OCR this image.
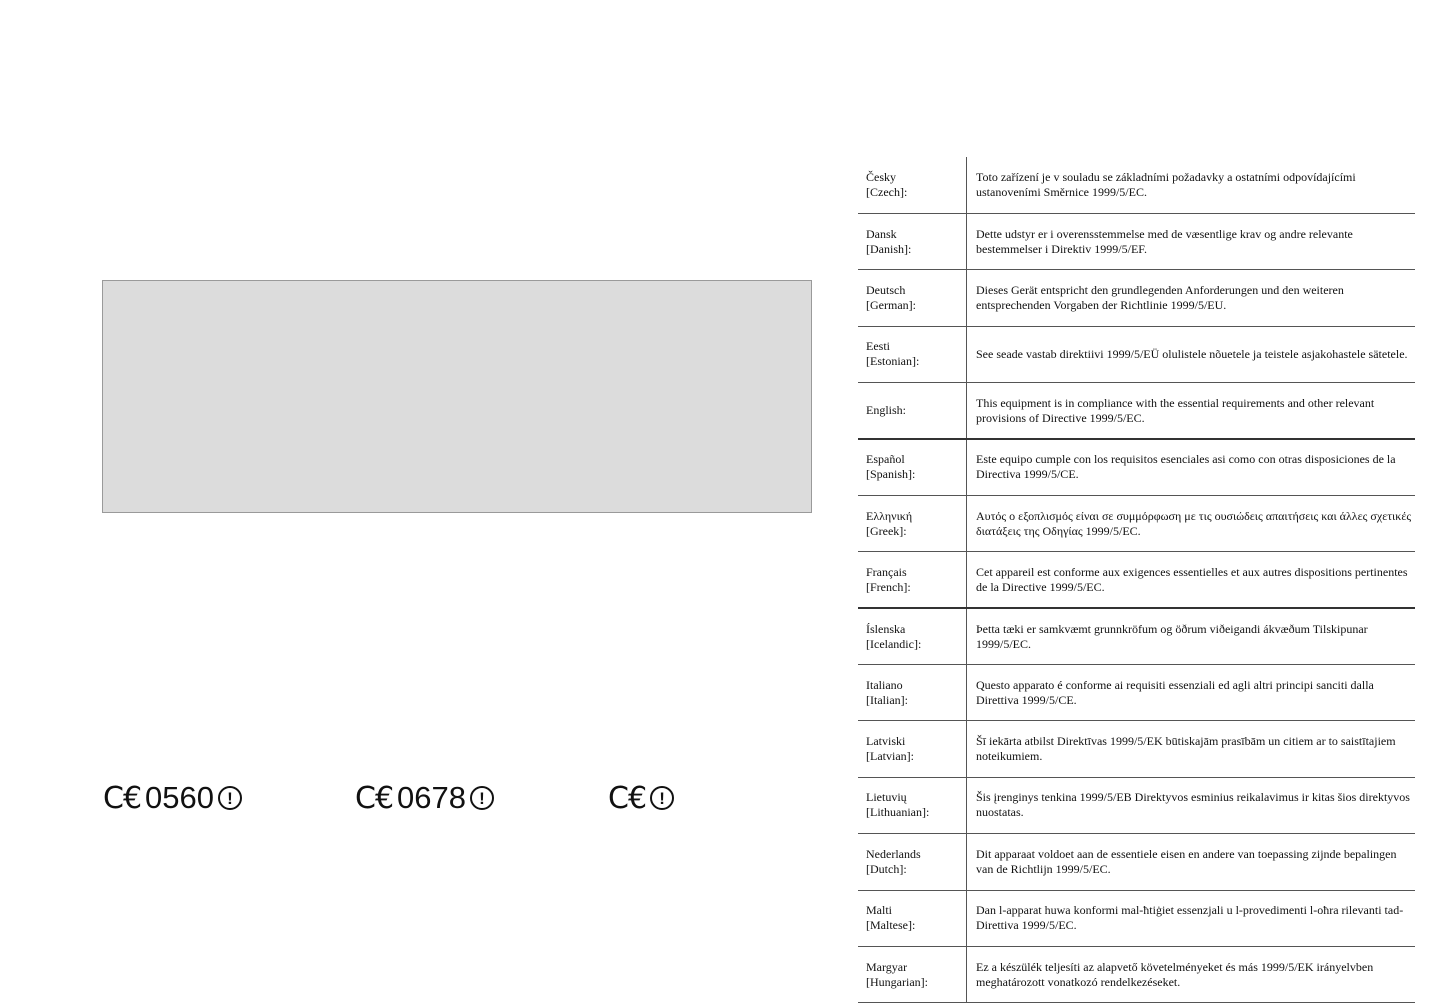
C€ 0560 !	C€ 0678 !	C€ !
Česky
[Czech]:	Toto zařízení je v souladu se základními požadavky a ostatními odpovídajícími ustanoveními Směrnice 1999/5/EC.

Dansk
[Danish]:	Dette udstyr er i overensstemmelse med de væsentlige krav og andre relevante bestemmelser i Direktiv 1999/5/EF.

Deutsch
[German]:	Dieses Gerät entspricht den grundlegenden Anforderungen und den weiteren entsprechenden Vorgaben der Richtlinie 1999/5/EU.

Eesti
[Estonian]:	See seade vastab direktiivi 1999/5/EÜ olulistele nõuetele ja teistele asjakohastele sätetele.

English:	This equipment is in compliance with the essential requirements and other relevant provisions of Directive 1999/5/EC.

Español
[Spanish]:	Este equipo cumple con los requisitos esenciales asi como con otras disposiciones de la Directiva 1999/5/CE.

Ελληνική
[Greek]:	Αυτός ο εξοπλισμός είναι σε συμμόρφωση με τις ουσιώδεις απαιτήσεις και άλλες σχετικές διατάξεις της Οδηγίας 1999/5/EC.

Français
[French]:	Cet appareil est conforme aux exigences essentielles et aux autres dispositions pertinentes de la Directive 1999/5/EC.

Íslenska
[Icelandic]:	Þetta tæki er samkvæmt grunnkröfum og öðrum viðeigandi ákvæðum Tilskipunar 1999/5/EC.

Italiano
[Italian]:	Questo apparato é conforme ai requisiti essenziali ed agli altri principi sanciti dalla Direttiva 1999/5/CE.

Latviski
[Latvian]:	Šī iekārta atbilst Direktīvas 1999/5/EK būtiskajām prasībām un citiem ar to saistītajiem noteikumiem.

Lietuvių
[Lithuanian]:	Šis įrenginys tenkina 1999/5/EB Direktyvos esminius reikalavimus ir kitas šios direktyvos nuostatas.

Nederlands
[Dutch]:	Dit apparaat voldoet aan de essentiele eisen en andere van toepassing zijnde bepalingen van de Richtlijn 1999/5/EC.

Malti
[Maltese]:	Dan l-apparat huwa konformi mal-ħtiġiet essenzjali u l-provedimenti l-oħra rilevanti tad-Direttiva 1999/5/EC.

Margyar
[Hungarian]:	Ez a készülék teljesíti az alapvető követelményeket és más 1999/5/EK irányelvben meghatározott vonatkozó rendelkezéseket.
